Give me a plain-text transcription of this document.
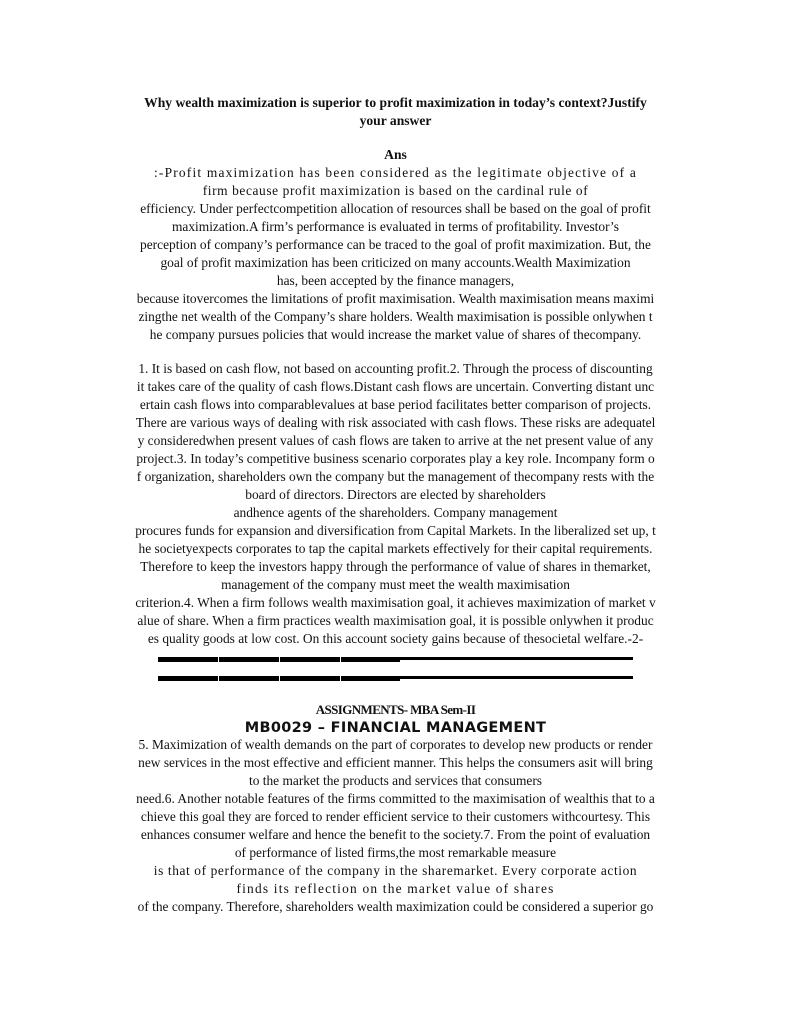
Why wealth maximization is superior to profit maximization in today’s context?Justify
your answer
Ans
:-Profit maximization has been considered as the legitimate objective of a
firm because profit maximization is based on the cardinal rule of
efficiency. Under perfectcompetition allocation of resources shall be based on the goal of profit
maximization.A firm’s performance is evaluated in terms of profitability. Investor’s
perception of company’s performance can be traced to the goal of profit maximization. But, the
goal of profit maximization has been criticized on many accounts.Wealth Maximization
has, been accepted by the finance managers,
because itovercomes the limitations of profit maximisation. Wealth maximisation means maximi
zingthe net wealth of the Company’s share holders. Wealth maximisation is possible onlywhen t
he company pursues policies that would increase the market value of shares of thecompany.
1. It is based on cash flow, not based on accounting profit.2. Through the process of discounting
it takes care of the quality of cash flows.Distant cash flows are uncertain. Converting distant unc
ertain cash flows into comparablevalues at base period facilitates better comparison of projects.
There are various ways of dealing with risk associated with cash flows. These risks are adequatel
y consideredwhen present values of cash flows are taken to arrive at the net present value of any
project.3. In today’s competitive business scenario corporates play a key role. Incompany form o
f organization, shareholders own the company but the management of thecompany rests with the
board of directors. Directors are elected by shareholders
andhence agents of the shareholders. Company management
procures funds for expansion and diversification from Capital Markets. In the liberalized set up, t
he societyexpects corporates to tap the capital markets effectively for their capital requirements.
Therefore to keep the investors happy through the performance of value of shares in themarket,
management of the company must meet the wealth maximisation
criterion.4. When a firm follows wealth maximisation goal, it achieves maximization of market v
alue of share. When a firm practices wealth maximisation goal, it is possible onlywhen it produc
es quality goods at low cost. On this account society gains because of thesocietal welfare.-2-
ASSIGNMENTS- MBA Sem-II
MB0029 – FINANCIAL MANAGEMENT
5. Maximization of wealth demands on the part of corporates to develop new products or render
new services in the most effective and efficient manner. This helps the consumers asit will bring
to the market the products and services that consumers
need.6. Another notable features of the firms committed to the maximisation of wealthis that to a
chieve this goal they are forced to render efficient service to their customers withcourtesy. This
enhances consumer welfare and hence the benefit to the society.7. From the point of evaluation
of performance of listed firms,the most remarkable measure
is that of performance of the company in the sharemarket. Every corporate action
finds its reflection on the market value of shares
of the company. Therefore, shareholders wealth maximization could be considered a superior go
